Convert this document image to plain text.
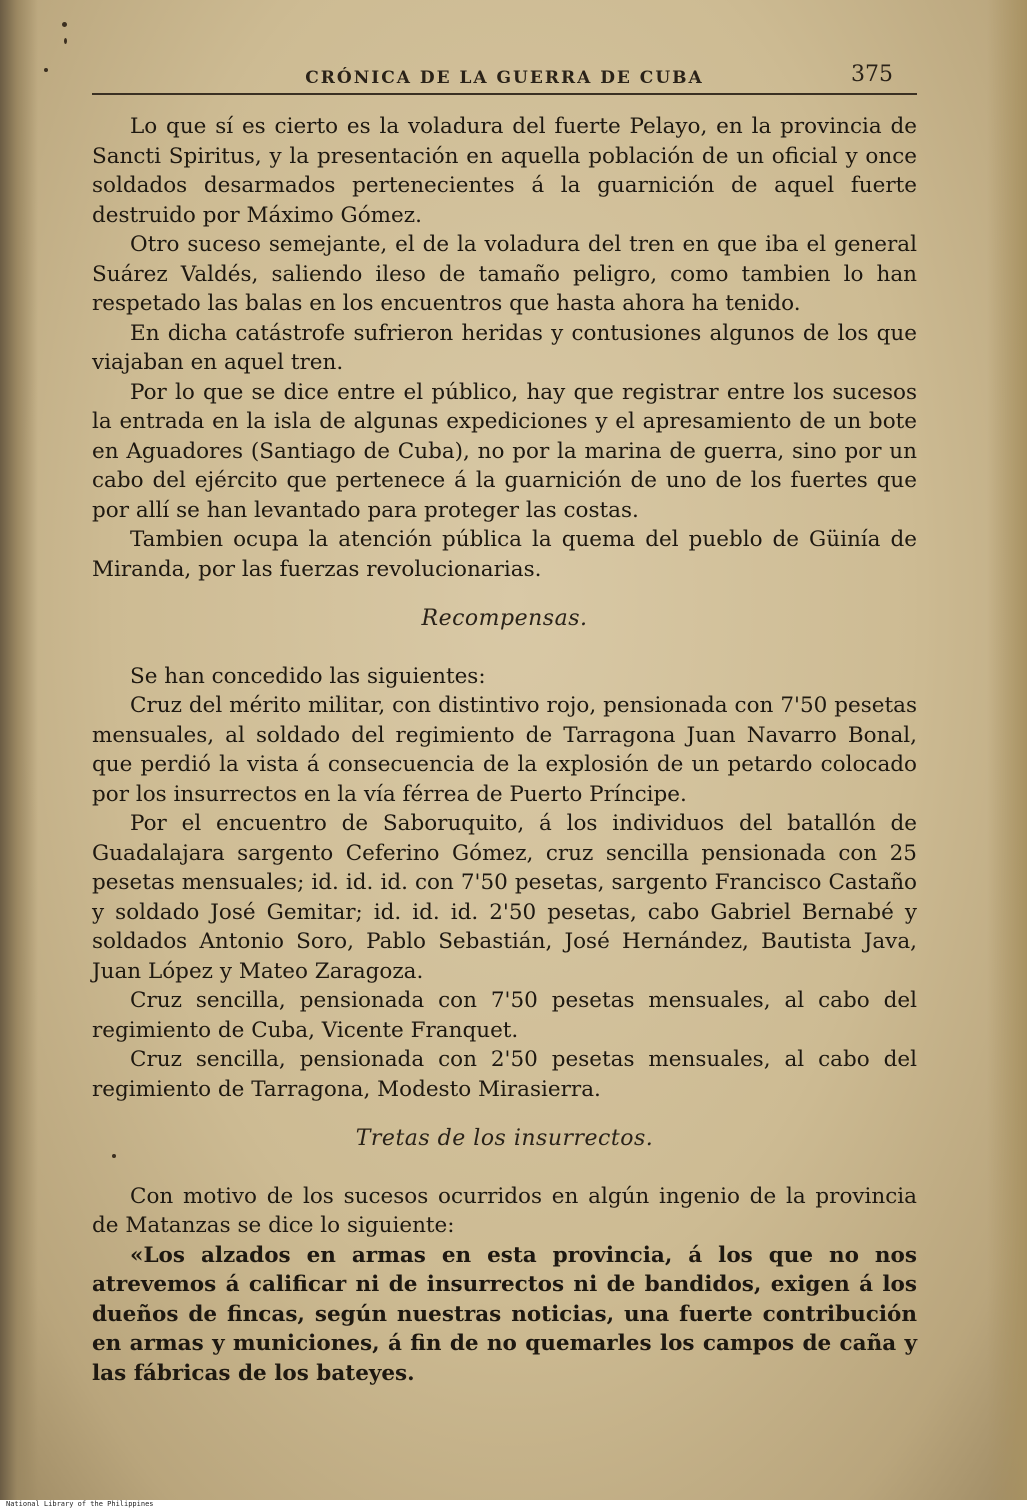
CRÓNICA DE LA GUERRA DE CUBA	375

Lo que sí es cierto es la voladura del fuerte Pelayo, en la provincia de Sancti Spiritus, y la presentación en aquella población de un oficial y once soldados desarmados pertenecientes á la guarnición de aquel fuerte destruido por Máximo Gómez.

Otro suceso semejante, el de la voladura del tren en que iba el general Suárez Valdés, saliendo ileso de tamaño peligro, como tambien lo han respetado las balas en los encuentros que hasta ahora ha tenido.

En dicha catástrofe sufrieron heridas y contusiones algunos de los que viajaban en aquel tren.

Por lo que se dice entre el público, hay que registrar entre los sucesos la entrada en la isla de algunas expediciones y el apresamiento de un bote en Aguadores (Santiago de Cuba), no por la marina de guerra, sino por un cabo del ejército que pertenece á la guarnición de uno de los fuertes que por allí se han levantado para proteger las costas.

Tambien ocupa la atención pública la quema del pueblo de Güinía de Miranda, por las fuerzas revolucionarias.

Recompensas.

Se han concedido las siguientes:

Cruz del mérito militar, con distintivo rojo, pensionada con 7'50 pesetas mensuales, al soldado del regimiento de Tarragona Juan Navarro Bonal, que perdió la vista á consecuencia de la explosión de un petardo colocado por los insurrectos en la vía férrea de Puerto Príncipe.

Por el encuentro de Saboruquito, á los individuos del batallón de Guadalajara sargento Ceferino Gómez, cruz sencilla pensionada con 25 pesetas mensuales; id. id. id. con 7'50 pesetas, sargento Francisco Castaño y soldado José Gemitar; id. id. id. 2'50 pesetas, cabo Gabriel Bernabé y soldados Antonio Soro, Pablo Sebastián, José Hernández, Bautista Java, Juan López y Mateo Zaragoza.

Cruz sencilla, pensionada con 7'50 pesetas mensuales, al cabo del regimiento de Cuba, Vicente Franquet.

Cruz sencilla, pensionada con 2'50 pesetas mensuales, al cabo del regimiento de Tarragona, Modesto Mirasierra.

Tretas de los insurrectos.

Con motivo de los sucesos ocurridos en algún ingenio de la provincia de Matanzas se dice lo siguiente:

«Los alzados en armas en esta provincia, á los que no nos atrevemos á calificar ni de insurrectos ni de bandidos, exigen á los dueños de fincas, según nuestras noticias, una fuerte contribución en armas y municiones, á fin de no quemarles los campos de caña y las fábricas de los bateyes.

National Library of the Philippines
